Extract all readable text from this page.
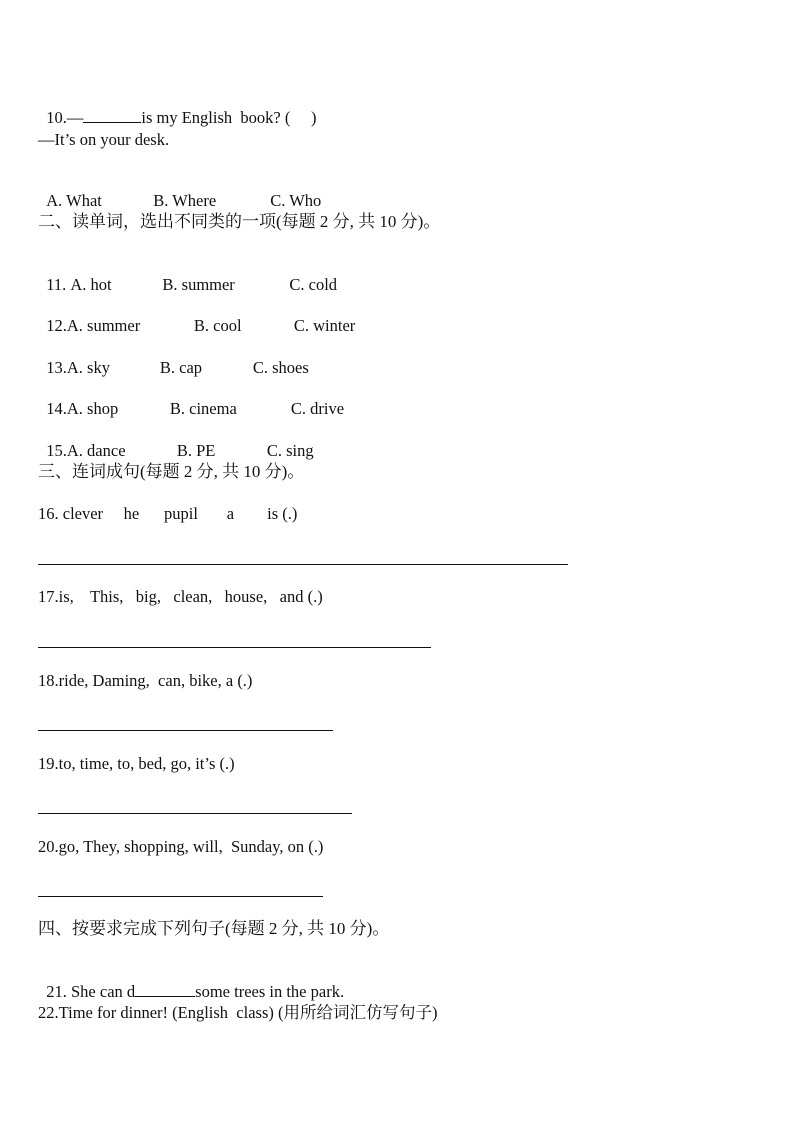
10.—	is my English  book? (     )

—It’s on your desk.

A. What	B. Where	C. Who

二、读单词，选出不同类的一项(每题 2 分, 共 10 分)。

11. A. hot	B. summer	C. cold

12.A. summer	B. cool	C. winter

13.A. sky	B. cap	C. shoes

14.A. shop	B. cinema	C. drive

15.A. dance	B. PE	C. sing

三、连词成句(每题 2 分, 共 10 分)。
16. clever     he      pupil       a        is (.)
17.is,    This,   big,   clean,   house,   and (.)
18.ride, Daming,  can, bike, a (.)
19.to, time, to, bed, go, it’s (.)
20.go, They, shopping, will,  Sunday, on (.)
四、按要求完成下列句子(每题 2 分, 共 10 分)。

21. She can d	some trees in the park.

22.Time for dinner! (English  class) (用所给词汇仿写句子)
